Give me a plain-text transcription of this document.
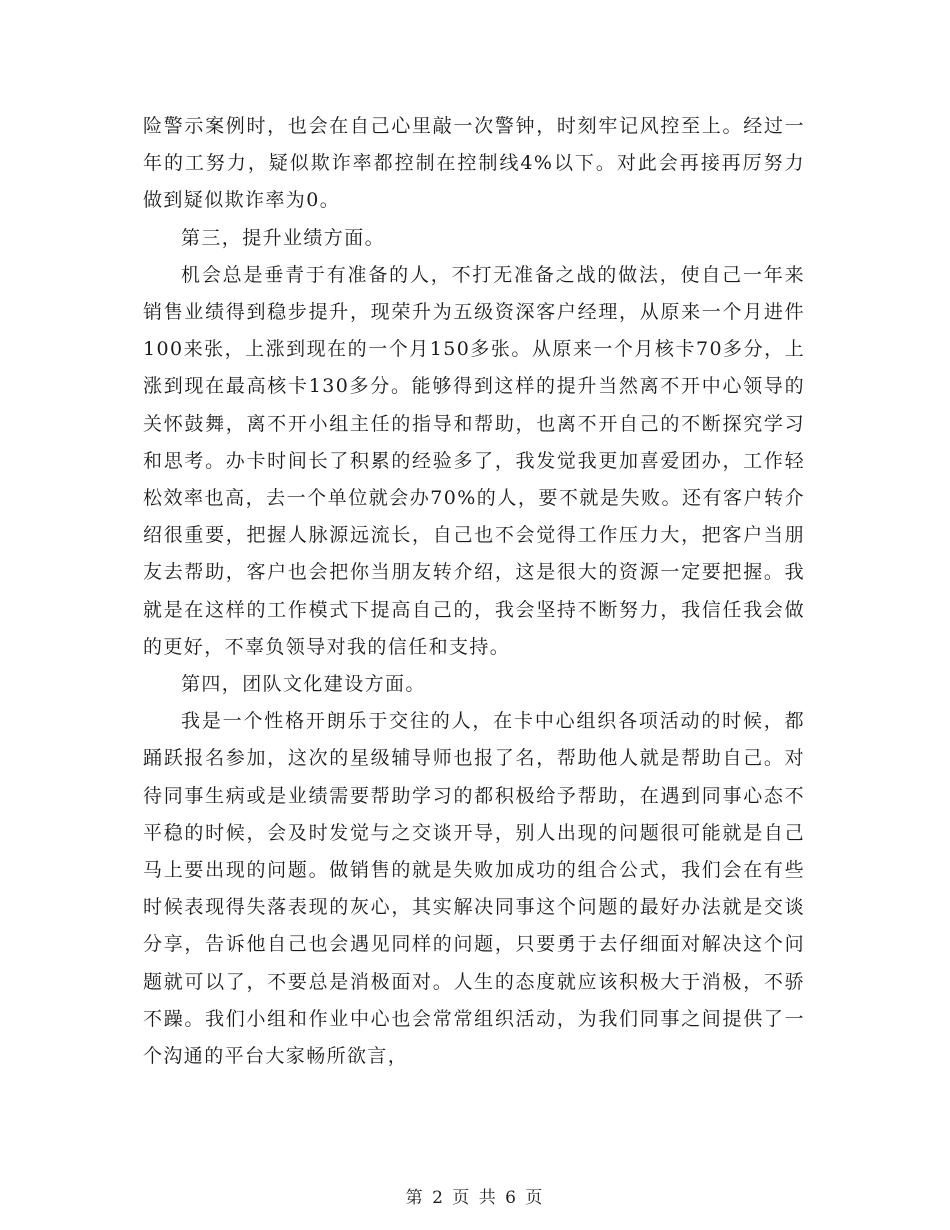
险警示案例时，也会在自己心里敲一次警钟，时刻牢记风控至上。经过一年的工努力，疑似欺诈率都控制在控制线4%以下。对此会再接再厉努力做到疑似欺诈率为0。

第三，提升业绩方面。

机会总是垂青于有准备的人，不打无准备之战的做法，使自己一年来销售业绩得到稳步提升，现荣升为五级资深客户经理，从原来一个月进件100来张，上涨到现在的一个月150多张。从原来一个月核卡70多分，上涨到现在最高核卡130多分。能够得到这样的提升当然离不开中心领导的关怀鼓舞，离不开小组主任的指导和帮助，也离不开自己的不断探究学习和思考。办卡时间长了积累的经验多了，我发觉我更加喜爱团办，工作轻松效率也高，去一个单位就会办70%的人，要不就是失败。还有客户转介绍很重要，把握人脉源远流长，自己也不会觉得工作压力大，把客户当朋友去帮助，客户也会把你当朋友转介绍，这是很大的资源一定要把握。我就是在这样的工作模式下提高自己的，我会坚持不断努力，我信任我会做的更好，不辜负领导对我的信任和支持。

第四，团队文化建设方面。

我是一个性格开朗乐于交往的人，在卡中心组织各项活动的时候，都踊跃报名参加，这次的星级辅导师也报了名，帮助他人就是帮助自己。对待同事生病或是业绩需要帮助学习的都积极给予帮助，在遇到同事心态不平稳的时候，会及时发觉与之交谈开导，别人出现的问题很可能就是自己马上要出现的问题。做销售的就是失败加成功的组合公式，我们会在有些时候表现得失落表现的灰心，其实解决同事这个问题的最好办法就是交谈分享，告诉他自己也会遇见同样的问题，只要勇于去仔细面对解决这个问题就可以了，不要总是消极面对。人生的态度就应该积极大于消极，不骄不躁。我们小组和作业中心也会常常组织活动，为我们同事之间提供了一个沟通的平台大家畅所欲言，

第 2 页 共 6 页
